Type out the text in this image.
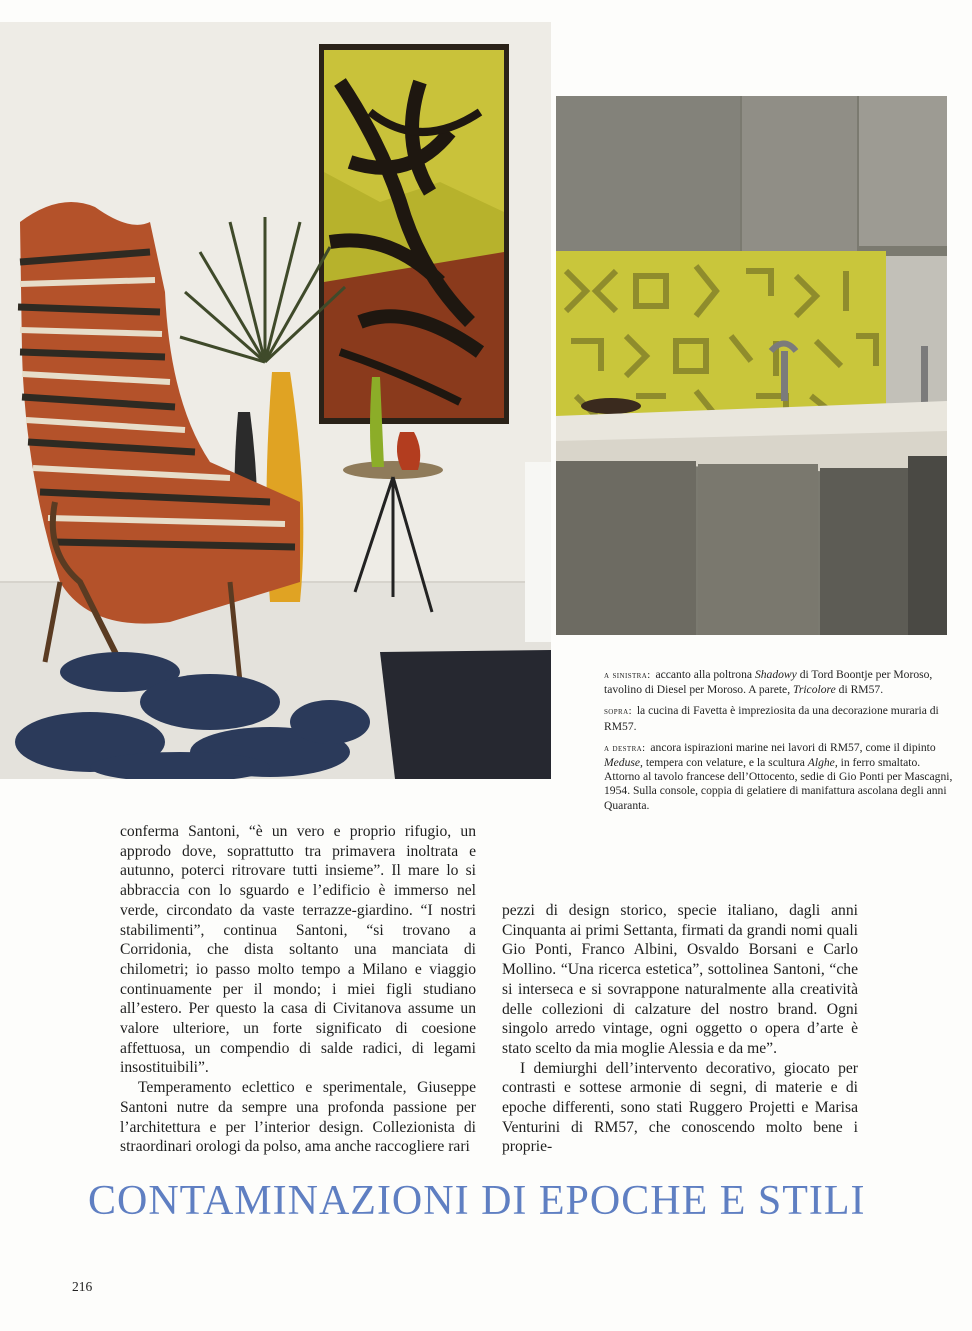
a sinistra: accanto alla poltrona Shadowy di Tord Boontje per Moroso, tavolino di Diesel per Moroso. A parete, Tricolore di RM57.

sopra: la cucina di Favetta è impreziosita da una decorazione muraria di RM57.

a destra: ancora ispirazioni marine nei lavori di RM57, come il dipinto Meduse, tempera con velature, e la scultura Alghe, in ferro smaltato. Attorno al tavolo francese dell’Ottocento, sedie di Gio Ponti per Mascagni, 1954. Sulla console, coppia di gelatiere di manifattura ascolana degli anni Quaranta.

conferma Santoni, “è un vero e proprio rifugio, un approdo dove, soprattutto tra primavera inoltrata e autunno, poterci ritrovare tutti insieme”. Il mare lo si abbraccia con lo sguardo e l’edificio è immerso nel verde, circondato da vaste terrazze-giardino. “I nostri stabilimenti”, continua Santoni, “si trovano a Corridonia, che dista soltanto una manciata di chilometri; io passo molto tempo a Milano e viaggio continuamente per il mondo; i miei figli studiano all’estero. Per questo la casa di Civitanova assume un valore ulteriore, un forte significato di coesione affettuosa, un compendio di salde radici, di legami insostituibili”.

Temperamento eclettico e sperimentale, Giuseppe Santoni nutre da sempre una profonda passione per l’architettura e per l’interior design. Collezionista di straordinari orologi da polso, ama anche raccogliere rari

pezzi di design storico, specie italiano, dagli anni Cinquanta ai primi Settanta, firmati da grandi nomi quali Gio Ponti, Franco Albini, Osvaldo Borsani e Carlo Mollino. “Una ricerca estetica”, sottolinea Santoni, “che si interseca e si sovrappone naturalmente alla creatività delle collezioni di calzature del nostro brand. Ogni singolo arredo vintage, ogni oggetto o opera d’arte è stato scelto da mia moglie Alessia e da me”.

I demiurghi dell’intervento decorativo, giocato per contrasti e sottese armonie di segni, di materie e di epoche differenti, sono stati Ruggero Projetti e Marisa Venturini di RM57, che conoscendo molto bene i proprie-

CONTAMINAZIONI DI EPOCHE E STILI
216
